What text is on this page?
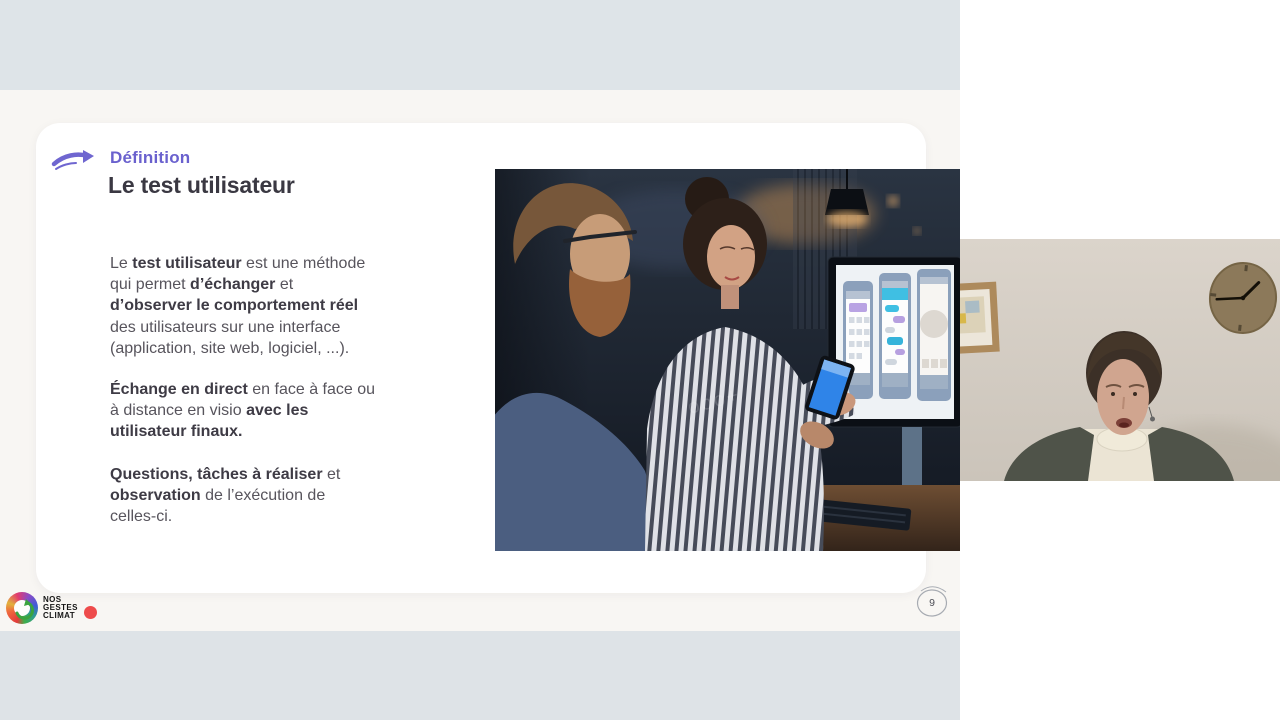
Définition
Le test utilisateur
Le test utilisateur est une méthode
qui permet d’échanger et
d’observer le comportement réel
des utilisateurs sur une interface
(application, site web, logiciel, ...).
Échange en direct en face à face ou
à distance en visio avec les
utilisateur finaux.
Questions, tâches à réaliser et
observation de l’exécution de
celles-ci.
ooo+
NOS
GESTES
CLIMAT
9
